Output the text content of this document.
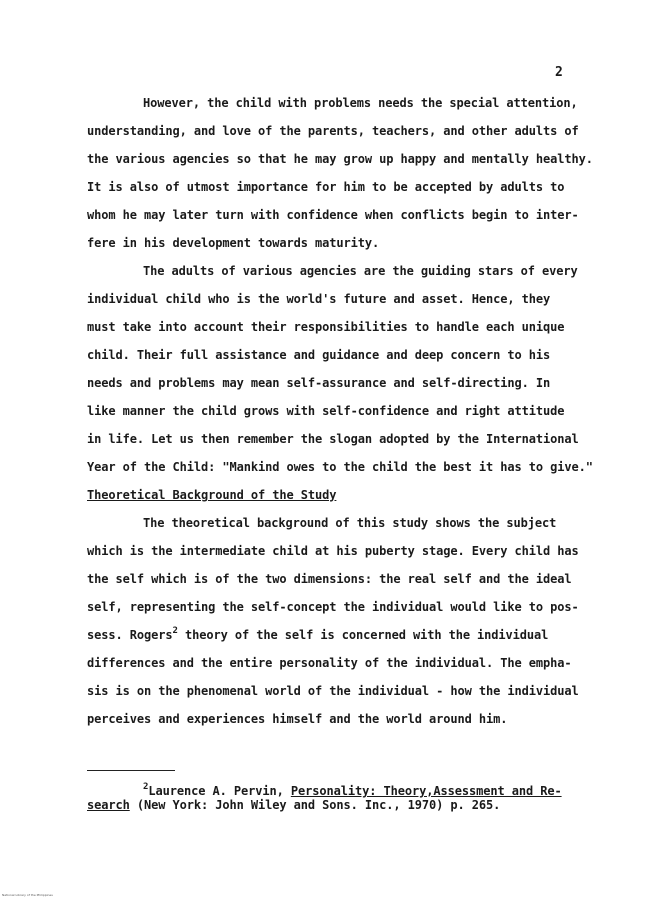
2
However, the child with problems needs the special attention,
understanding, and love of the parents, teachers, and other adults of
the various agencies so that he may grow up happy and mentally healthy.
It is also of utmost importance for him to be accepted by adults to
whom he may later turn with confidence when conflicts begin to inter-
fere in his development towards maturity.
The adults of various agencies are the guiding stars of every
individual child who is the world's future and asset. Hence, they
must take into account their responsibilities to handle each unique
child. Their full assistance and guidance and deep concern to his
needs and problems may mean self-assurance and self-directing. In
like manner the child grows with self-confidence and right attitude
in life. Let us then remember the slogan adopted by the International
Year of the Child: "Mankind owes to the child the best it has to give."
Theoretical Background of the Study
The theoretical background of this study shows the subject
which is the intermediate child at his puberty stage. Every child has
the self which is of the two dimensions: the real self and the ideal
self, representing the self-concept the individual would like to pos-
sess. Rogers$^2$ theory of the self is concerned with the individual
differences and the entire personality of the individual. The empha-
sis is on the phenomenal world of the individual - how the individual
perceives and experiences himself and the world around him.
$^2$Laurence A. Pervin, Personality: Theory,Assessment and Re-
search (New York: John Wiley and Sons. Inc., 1970) p. 265.
National Library of the Philippines
